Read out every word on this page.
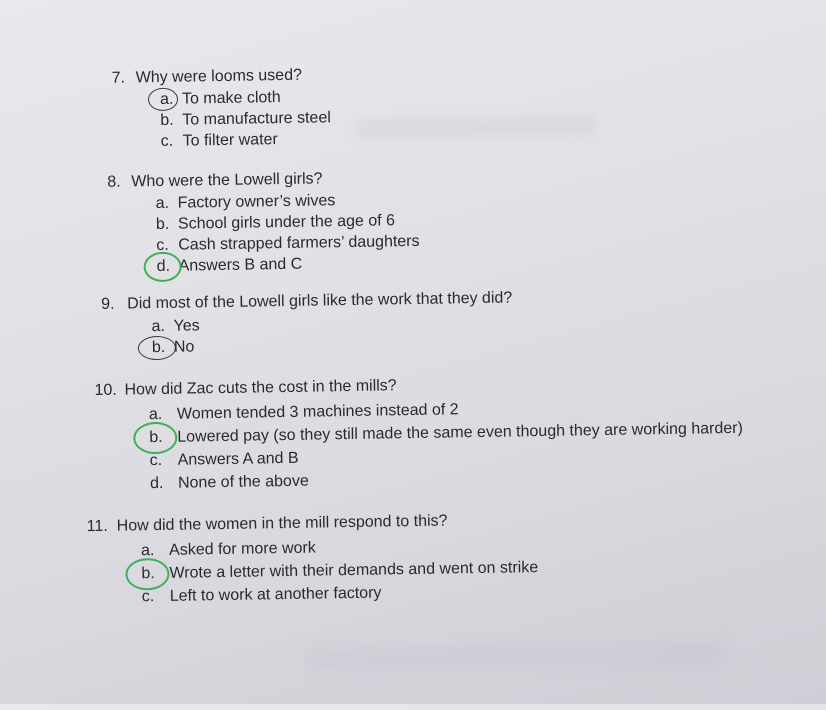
7. Why were looms used?
a. To make cloth
b. To manufacture steel
c. To filter water
8. Who were the Lowell girls?
a. Factory owner’s wives
b. School girls under the age of 6
c. Cash strapped farmers’ daughters
d. Answers B and C
9. Did most of the Lowell girls like the work that they did?
a. Yes
b. No
10. How did Zac cuts the cost in the mills?
a. Women tended 3 machines instead of 2
b. Lowered pay (so they still made the same even though they are working harder)
c. Answers A and B
d. None of the above
11. How did the women in the mill respond to this?
a. Asked for more work
b. Wrote a letter with their demands and went on strike
c. Left to work at another factory
